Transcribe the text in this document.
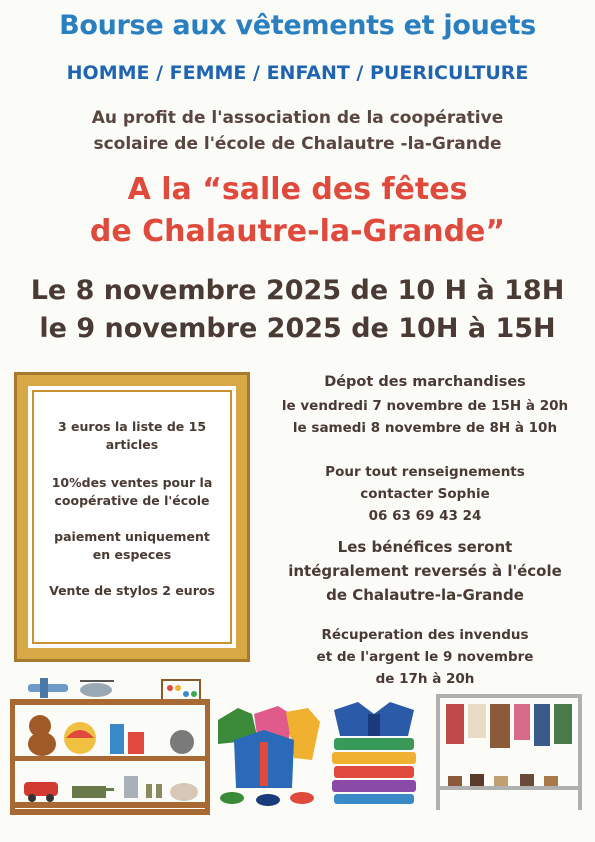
Bourse aux vêtements et jouets
HOMME / FEMME / ENFANT / PUERICULTURE
Au profit de l'association de la coopérative
scolaire de l'école de Chalautre -la-Grande
A la “salle des fêtes
de Chalautre-la-Grande”
Le 8 novembre 2025 de 10 H à 18H
le 9 novembre 2025 de 10H à 15H
3 euros la liste de 15
articles
10%des ventes pour la
coopérative de l'école
paiement uniquement
en especes
Vente de stylos 2 euros
Dépot des marchandises
le vendredi 7 novembre de 15H à 20h
le samedi 8 novembre de 8H à 10h
Pour tout renseignements
contacter Sophie
06 63 69 43 24
Les bénéfices seront
intégralement reversés à l'école
de Chalautre-la-Grande
Récuperation des invendus
et de l'argent le 9 novembre
de 17h à 20h
